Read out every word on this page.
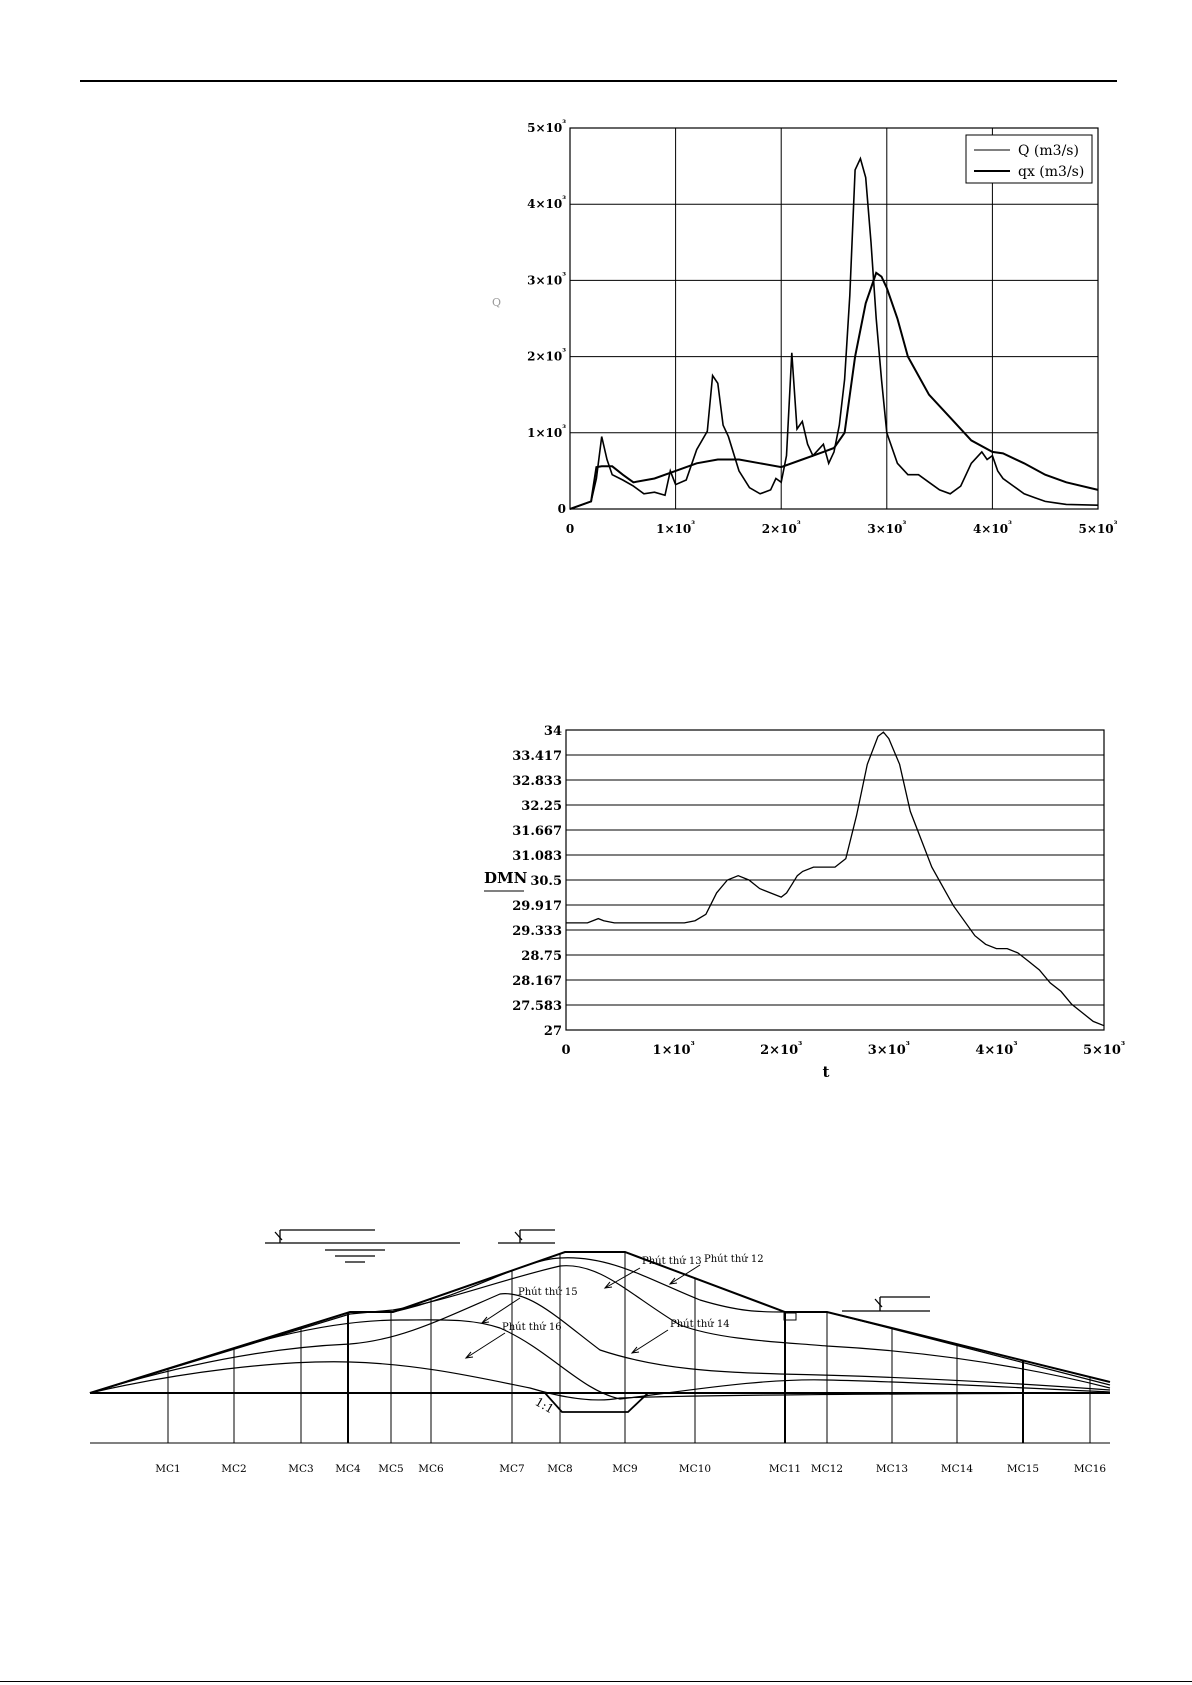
0
$1\times 10^{^3}$
$2\times 10^{^3}$
$3\times 10^{^3}$
$4\times 10^{^3}$
$5\times 10^{^3}$
0	$1\times 10^{^3}$	$2\times 10^{^3}$	$3\times 10^{^3}$	$4\times 10^{^3}$	$5\times 10^{^3}$
Q
Q (m3/s)
qx (m3/s)
34
33.417
32.833
32.25
31.667
31.083
30.5
29.917
29.333
28.75
28.167
27.583
27
0	$1\times 10^{^3}$	$2\times 10^{^3}$	$3\times 10^{^3}$	$4\times 10^{^3}$	$5\times 10^{^3}$
DMN
t
MC1	MC2	MC3 MC4 MC5 MC6	MC7 MC8	MC9	MC10	MC11 MC12	MC13	MC14	MC15	MC16
Phút thứ 13 Phút thứ 12
Phút thứ 15
Phút thứ 14
Phút thứ 16
1:1
